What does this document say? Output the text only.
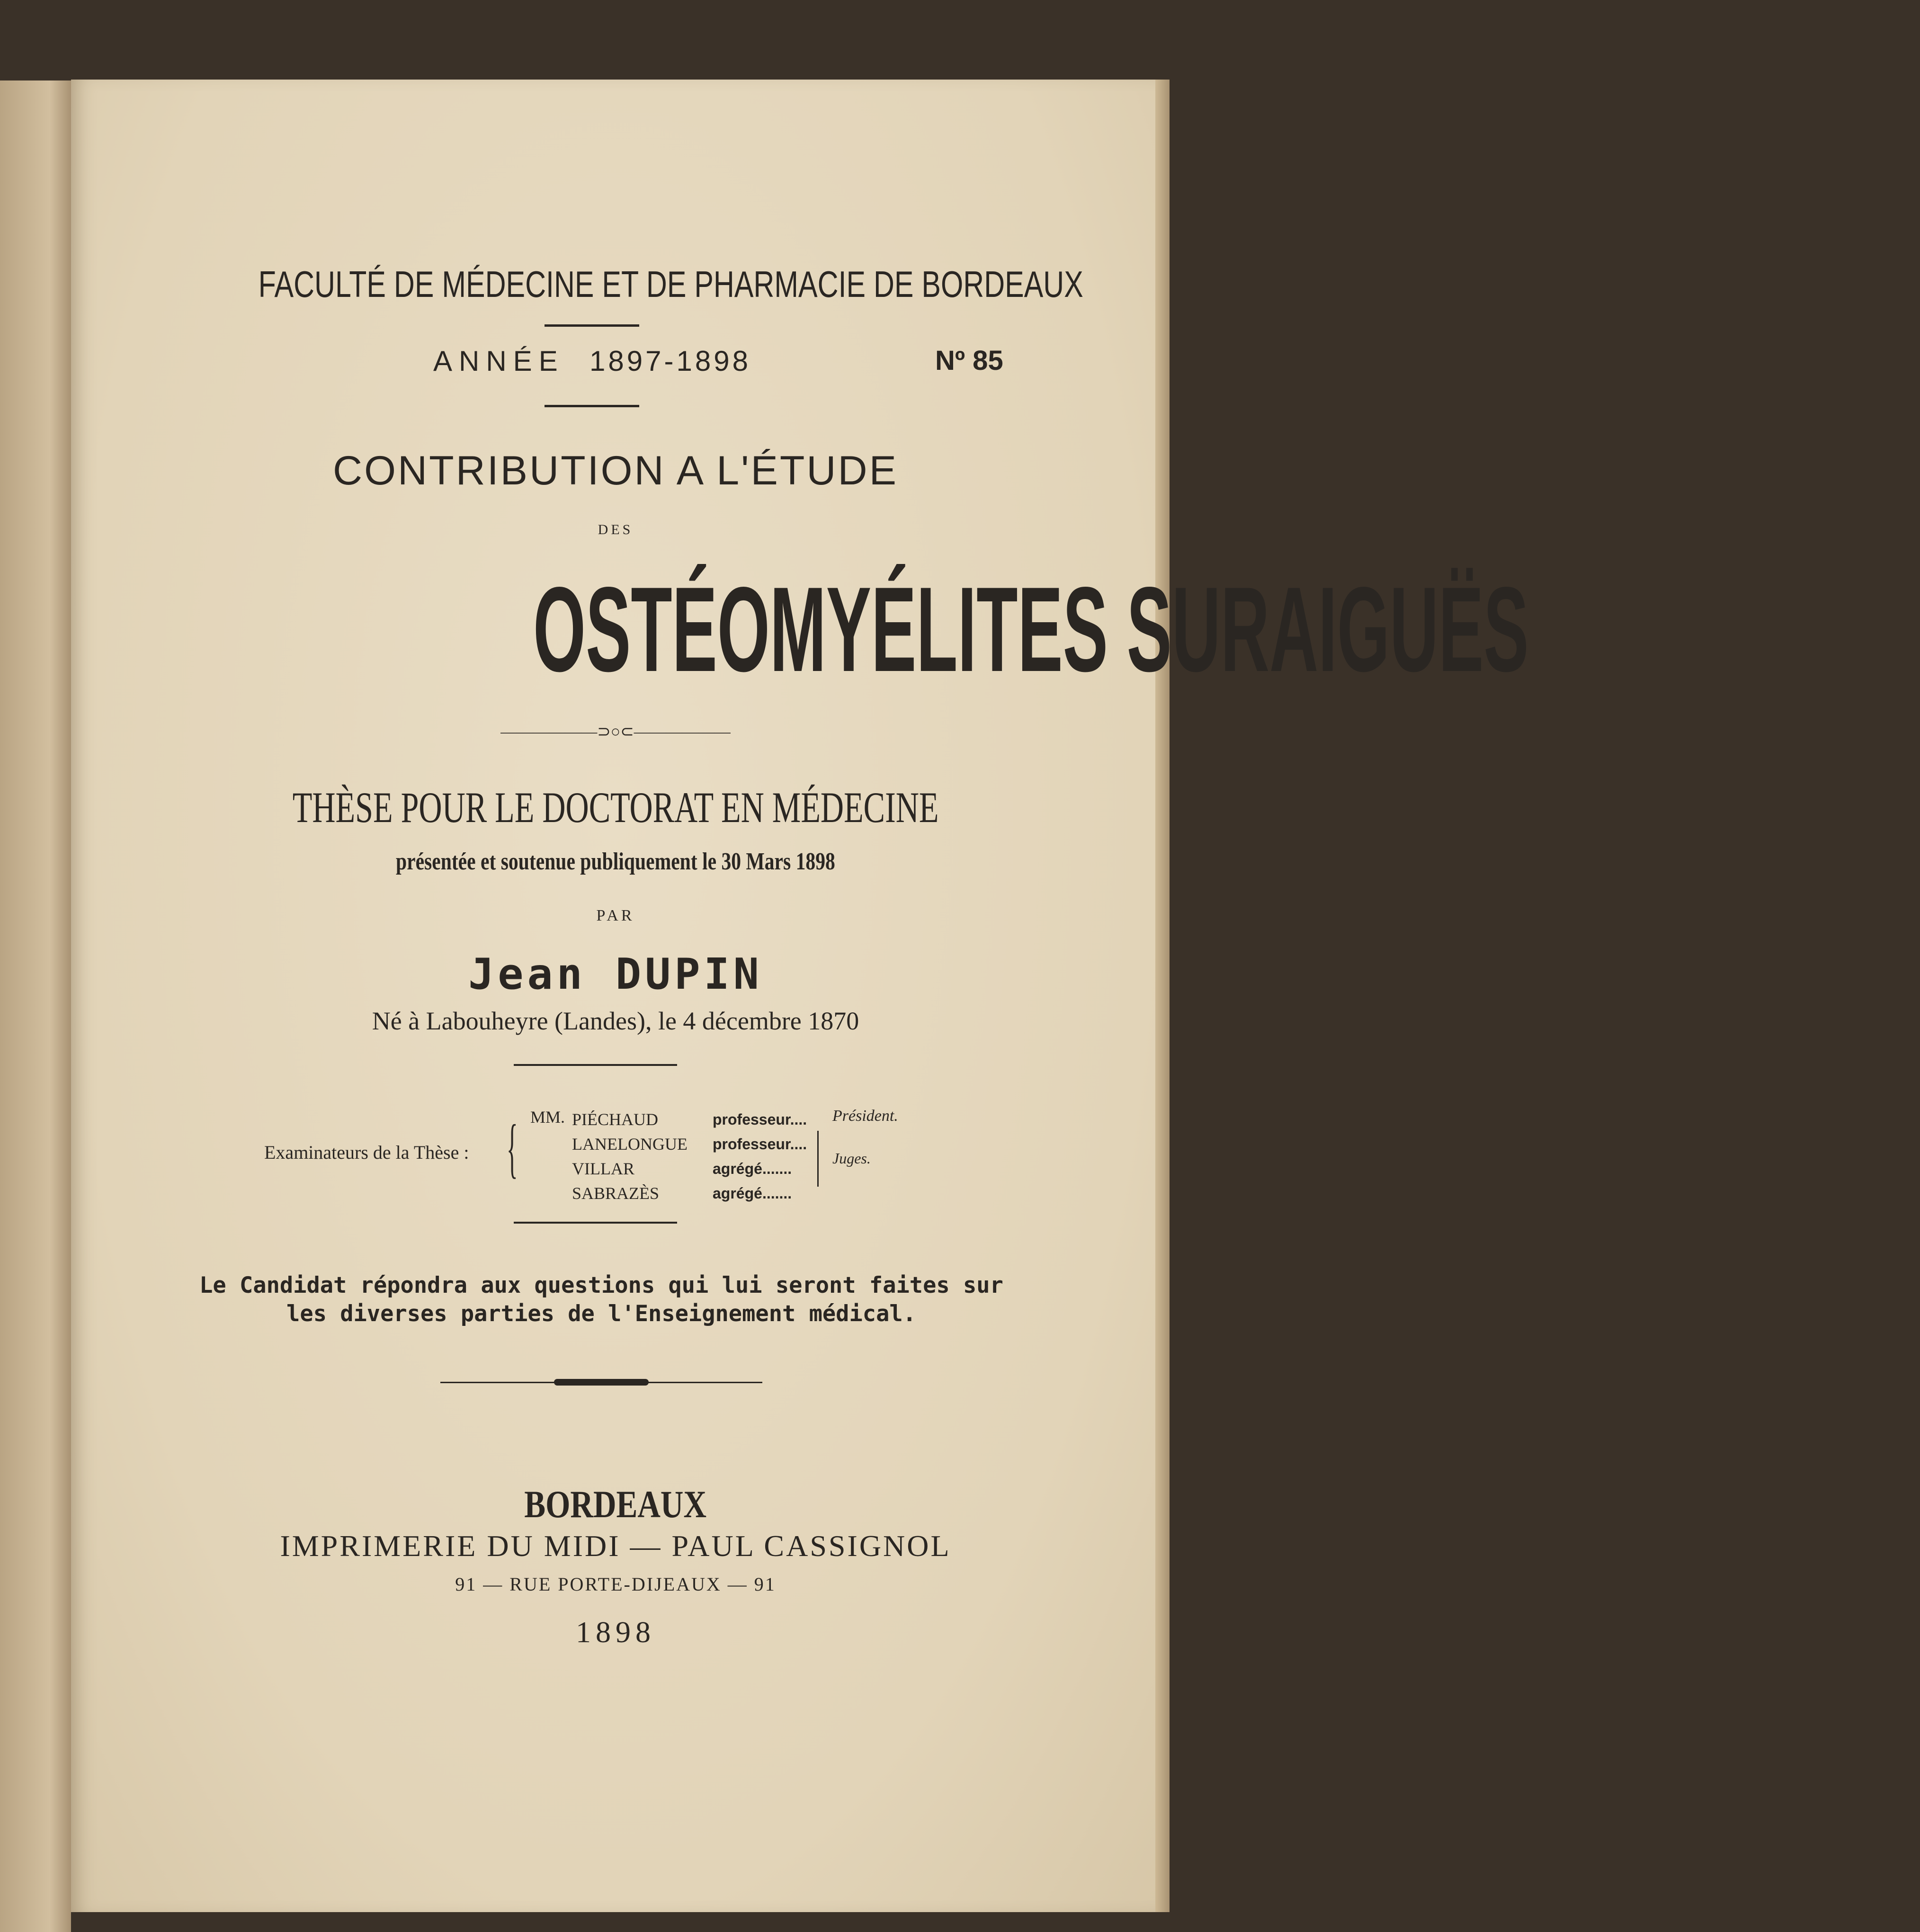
FACULTÉ DE MÉDECINE ET DE PHARMACIE DE BORDEAUX
ANNÉE 1897-1898	Nº 85
CONTRIBUTION A L'ÉTUDE
DES
OSTÉOMYÉLITES SURAIGUËS
——————⊃○⊂——————
THÈSE POUR LE DOCTORAT EN MÉDECINE
présentée et soutenue publiquement le 30 Mars 1898
PAR
Jean DUPIN
Né à Labouheyre (Landes), le 4 décembre 1870
Examinateurs de la Thèse : { MM. PIÉCHAUD
LANELONGUE
VILLAR
SABRAZÈS
professeur....
professeur....
agrégé.......
agrégé.......
Président.
Juges.
Le Candidat répondra aux questions qui lui seront faites sur les diverses parties de l'Enseignement médical.
BORDEAUX
IMPRIMERIE DU MIDI — PAUL CASSIGNOL
91 — RUE PORTE-DIJEAUX — 91
1898
